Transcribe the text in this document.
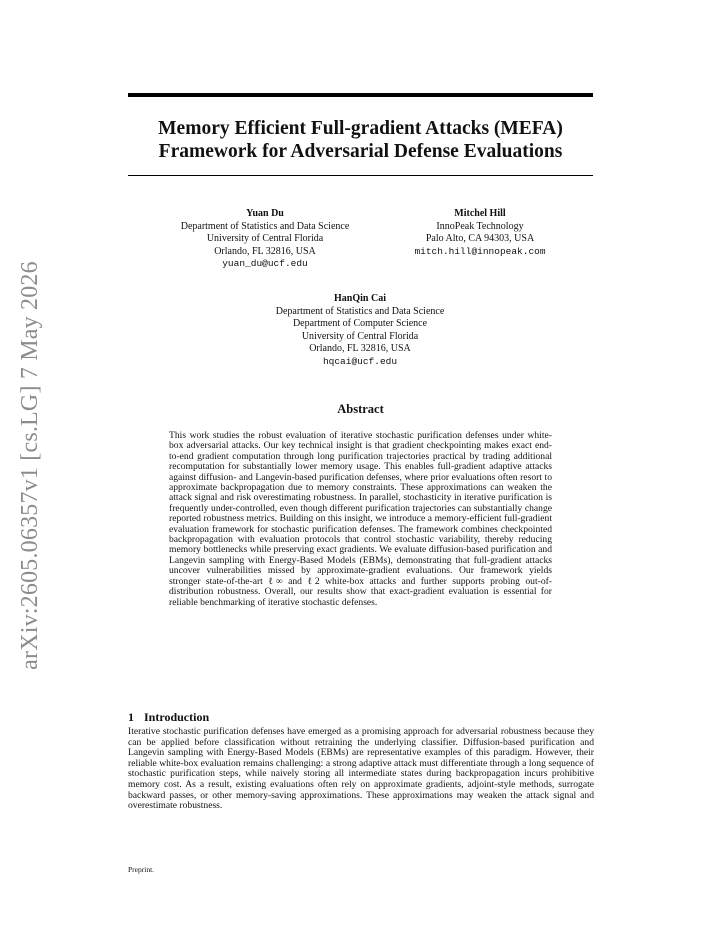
arXiv:2605.06357v1 [cs.LG] 7 May 2026
Memory Efficient Full-gradient Attacks (MEFA)
Framework for Adversarial Defense Evaluations
Yuan Du
Department of Statistics and Data Science
University of Central Florida
Orlando, FL 32816, USA
yuan_du@ucf.edu
Mitchel Hill
InnoPeak Technology
Palo Alto, CA 94303, USA
mitch.hill@innopeak.com
HanQin Cai
Department of Statistics and Data Science
Department of Computer Science
University of Central Florida
Orlando, FL 32816, USA
hqcai@ucf.edu
Abstract
This work studies the robust evaluation of iterative stochastic purification defenses under white-box adversarial attacks. Our key technical insight is that gradient checkpointing makes exact end-to-end gradient computation through long purification trajectories practical by trading additional recomputation for substantially lower memory usage. This enables full-gradient adaptive attacks against diffusion- and Langevin-based purification defenses, where prior evaluations often resort to approximate backpropagation due to memory constraints. These approximations can weaken the attack signal and risk overestimating robustness. In parallel, stochasticity in iterative purification is frequently under-controlled, even though different purification trajectories can substantially change reported robustness metrics. Building on this insight, we introduce a memory-efficient full-gradient evaluation framework for stochastic purification defenses. The framework combines checkpointed backpropagation with evaluation protocols that control stochastic variability, thereby reducing memory bottlenecks while preserving exact gradients. We evaluate diffusion-based purification and Langevin sampling with Energy-Based Models (EBMs), demonstrating that full-gradient attacks uncover vulnerabilities missed by approximate-gradient evaluations. Our framework yields stronger state-of-the-art ℓ∞ and ℓ2 white-box attacks and further supports probing out-of-distribution robustness. Overall, our results show that exact-gradient evaluation is essential for reliable benchmarking of iterative stochastic defenses.
1 Introduction
Iterative stochastic purification defenses have emerged as a promising approach for adversarial robustness because they can be applied before classification without retraining the underlying classifier. Diffusion-based purification and Langevin sampling with Energy-Based Models (EBMs) are representative examples of this paradigm. However, their reliable white-box evaluation remains challenging: a strong adaptive attack must differentiate through a long sequence of stochastic purification steps, while naively storing all intermediate states during backpropagation incurs prohibitive memory cost. As a result, existing evaluations often rely on approximate gradients, adjoint-style methods, surrogate backward passes, or other memory-saving approximations. These approximations may weaken the attack signal and overestimate robustness.
Preprint.
